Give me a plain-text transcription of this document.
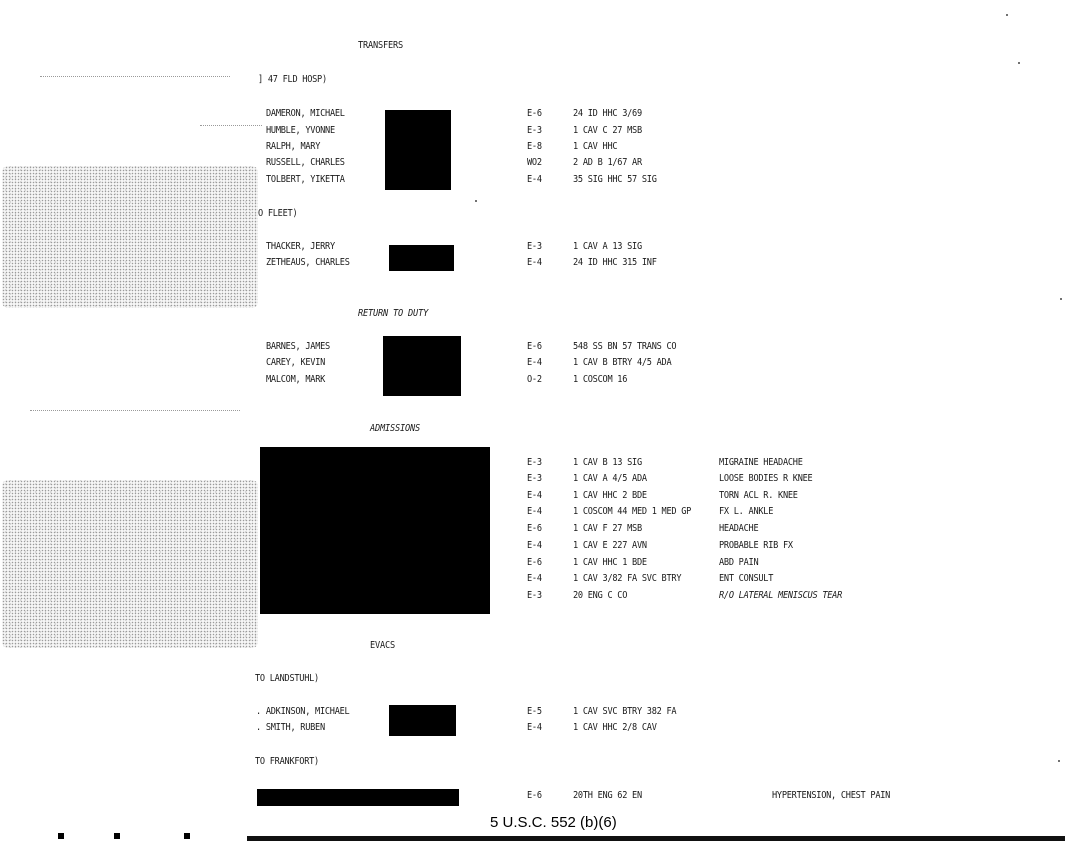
TRANSFERS
] 47 FLD HOSP)
DAMERON, MICHAEL
HUMBLE, YVONNE
RALPH, MARY
RUSSELL, CHARLES
TOLBERT, YIKETTA
E-6
E-3
E-8
WO2
E-4
24 ID HHC 3/69
1 CAV C 27 MSB
1 CAV HHC
2 AD B 1/67 AR
35 SIG HHC 57 SIG
O FLEET)
THACKER, JERRY
ZETHEAUS, CHARLES
E-3
E-4
1 CAV A 13 SIG
24 ID HHC 315 INF
RETURN TO DUTY
BARNES, JAMES
CAREY, KEVIN
MALCOM, MARK
E-6
E-4
O-2
548 SS BN 57 TRANS CO
1 CAV B BTRY 4/5 ADA
1 COSCOM 16
ADMISSIONS
E-3
E-3
E-4
E-4
E-6
E-4
E-6
E-4
E-3
1 CAV B 13 SIG
1 CAV A 4/5 ADA
1 CAV HHC 2 BDE
1 COSCOM 44 MED 1 MED GP
1 CAV F 27 MSB
1 CAV E 227 AVN
1 CAV HHC 1 BDE
1 CAV 3/82 FA SVC BTRY
20 ENG C CO
MIGRAINE HEADACHE
LOOSE BODIES R KNEE
TORN ACL R. KNEE
FX L. ANKLE
HEADACHE
PROBABLE RIB FX
ABD PAIN
ENT CONSULT
R/O LATERAL MENISCUS TEAR
EVACS
TO LANDSTUHL)
. ADKINSON, MICHAEL
. SMITH, RUBEN
E-5
E-4
1 CAV SVC BTRY 382 FA
1 CAV HHC 2/8 CAV
TO FRANKFORT)
E-6	20TH ENG 62 EN	HYPERTENSION, CHEST PAIN
5 U.S.C. 552 (b)(6)
